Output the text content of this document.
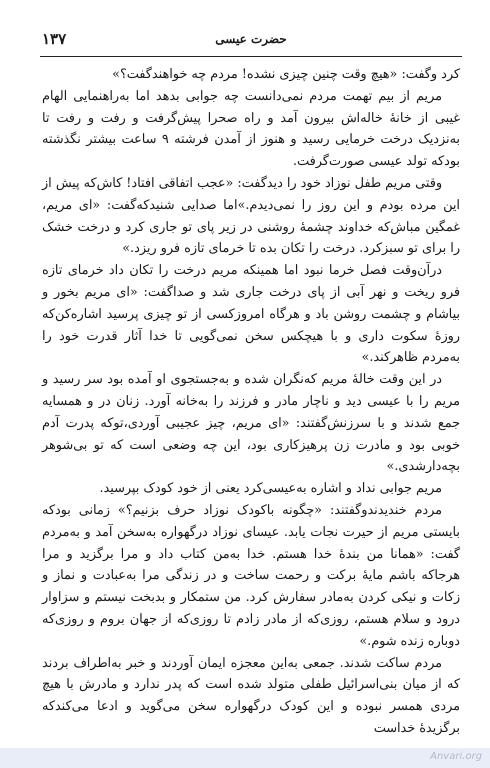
حضرت عیسی
۱۳۷

کرد وگفت: «هیچ وقت چنین چیزی نشده! مردم چه خواهندگفت؟»

مریم از بیم تهمت مردم نمی‌دانست چه جوابی بدهد اما به‌راهنمایی الهام غیبی از خانۀ خاله‌اش بیرون آمد و راه صحرا پیش‌گرفت و رفت و رفت تا به‌نزدیک درخت خرمایی رسید و هنوز از آمدن فرشته ۹ ساعت بیشتر نگذشته بودکه تولد عیسی صورت‌گرفت.

وقتی مریم طفل نوزاد خود را دیدگفت: «عجب اتفاقی افتاد! کاش‌که پیش از این مرده بودم و این روز را نمی‌دیدم.»اما صدایی شنیدکه‌گفت: «ای مریم، غمگین مباش‌که خداوند چشمۀ روشنی در زیر پای تو جاری کرد و درخت خشک را برای تو سبزکرد. درخت را تکان بده تا خرمای تازه فرو ریزد.»

درآن‌وقت فصل خرما نبود اما همینکه مریم درخت را تکان داد خرمای تازه فرو ریخت و نهر آبی از پای درخت جاری شد و صداگفت: «ای مریم بخور و بیاشام و چشمت روشن باد و هرگاه امروزکسی از تو چیزی پرسید اشاره‌کن‌که روزۀ سکوت داری و با هیچکس سخن نمی‌گویی تا خدا آثار قدرت خود را به‌مردم ظاهرکند.»

در این وقت خالۀ مریم که‌نگران شده و به‌جستجوی او آمده بود سر رسید و مریم را با عیسی دید و ناچار مادر و فرزند را به‌خانه آورد. زنان در و همسایه جمع شدند و با سرزنش‌گفتند: «ای مریم، چیز عجیبی آوردی،تو‌که پدرت آدم خوبی بود و مادرت زن پرهیزکاری بود، این چه وضعی است که تو بی‌شوهر بچه‌دارشدی.»

مریم جوابی نداد و اشاره به‌عیسی‌کرد یعنی از خود کودک بپرسید.

مردم خندیدندوگفتند: «چگونه با‌کودک نوزاد حرف بزنیم؟» زمانی بود‌که بایستی مریم از حیرت نجات یابد. عیسای نوزاد درگهواره به‌سخن آمد و به‌مردم گفت: «همانا من بندۀ خدا هستم. خدا به‌من کتاب داد و مرا برگزید و مرا هرجاکه باشم مایۀ برکت و رحمت ساخت و در زندگی مرا به‌عبادت و نماز و زکات و نیکی کردن به‌مادر سفارش کرد. من ستمکار و بدبخت نیستم و سزاوار درود و سلام هستم، روزی‌که از مادر زادم تا روزی‌که از جهان بروم و روزی‌که دوباره زنده شوم.»

مردم ساکت شدند. جمعی به‌این معجزه ایمان آوردند و خبر به‌اطراف بردند که از میان بنی‌اسرائیل طفلی متولد شده است که پدر ندارد و مادرش با هیچ مردی همسر نبوده و این کودک درگهواره سخن می‌گوید و ادعا می‌کندکه برگزیدۀ خداست

Anvari.org
